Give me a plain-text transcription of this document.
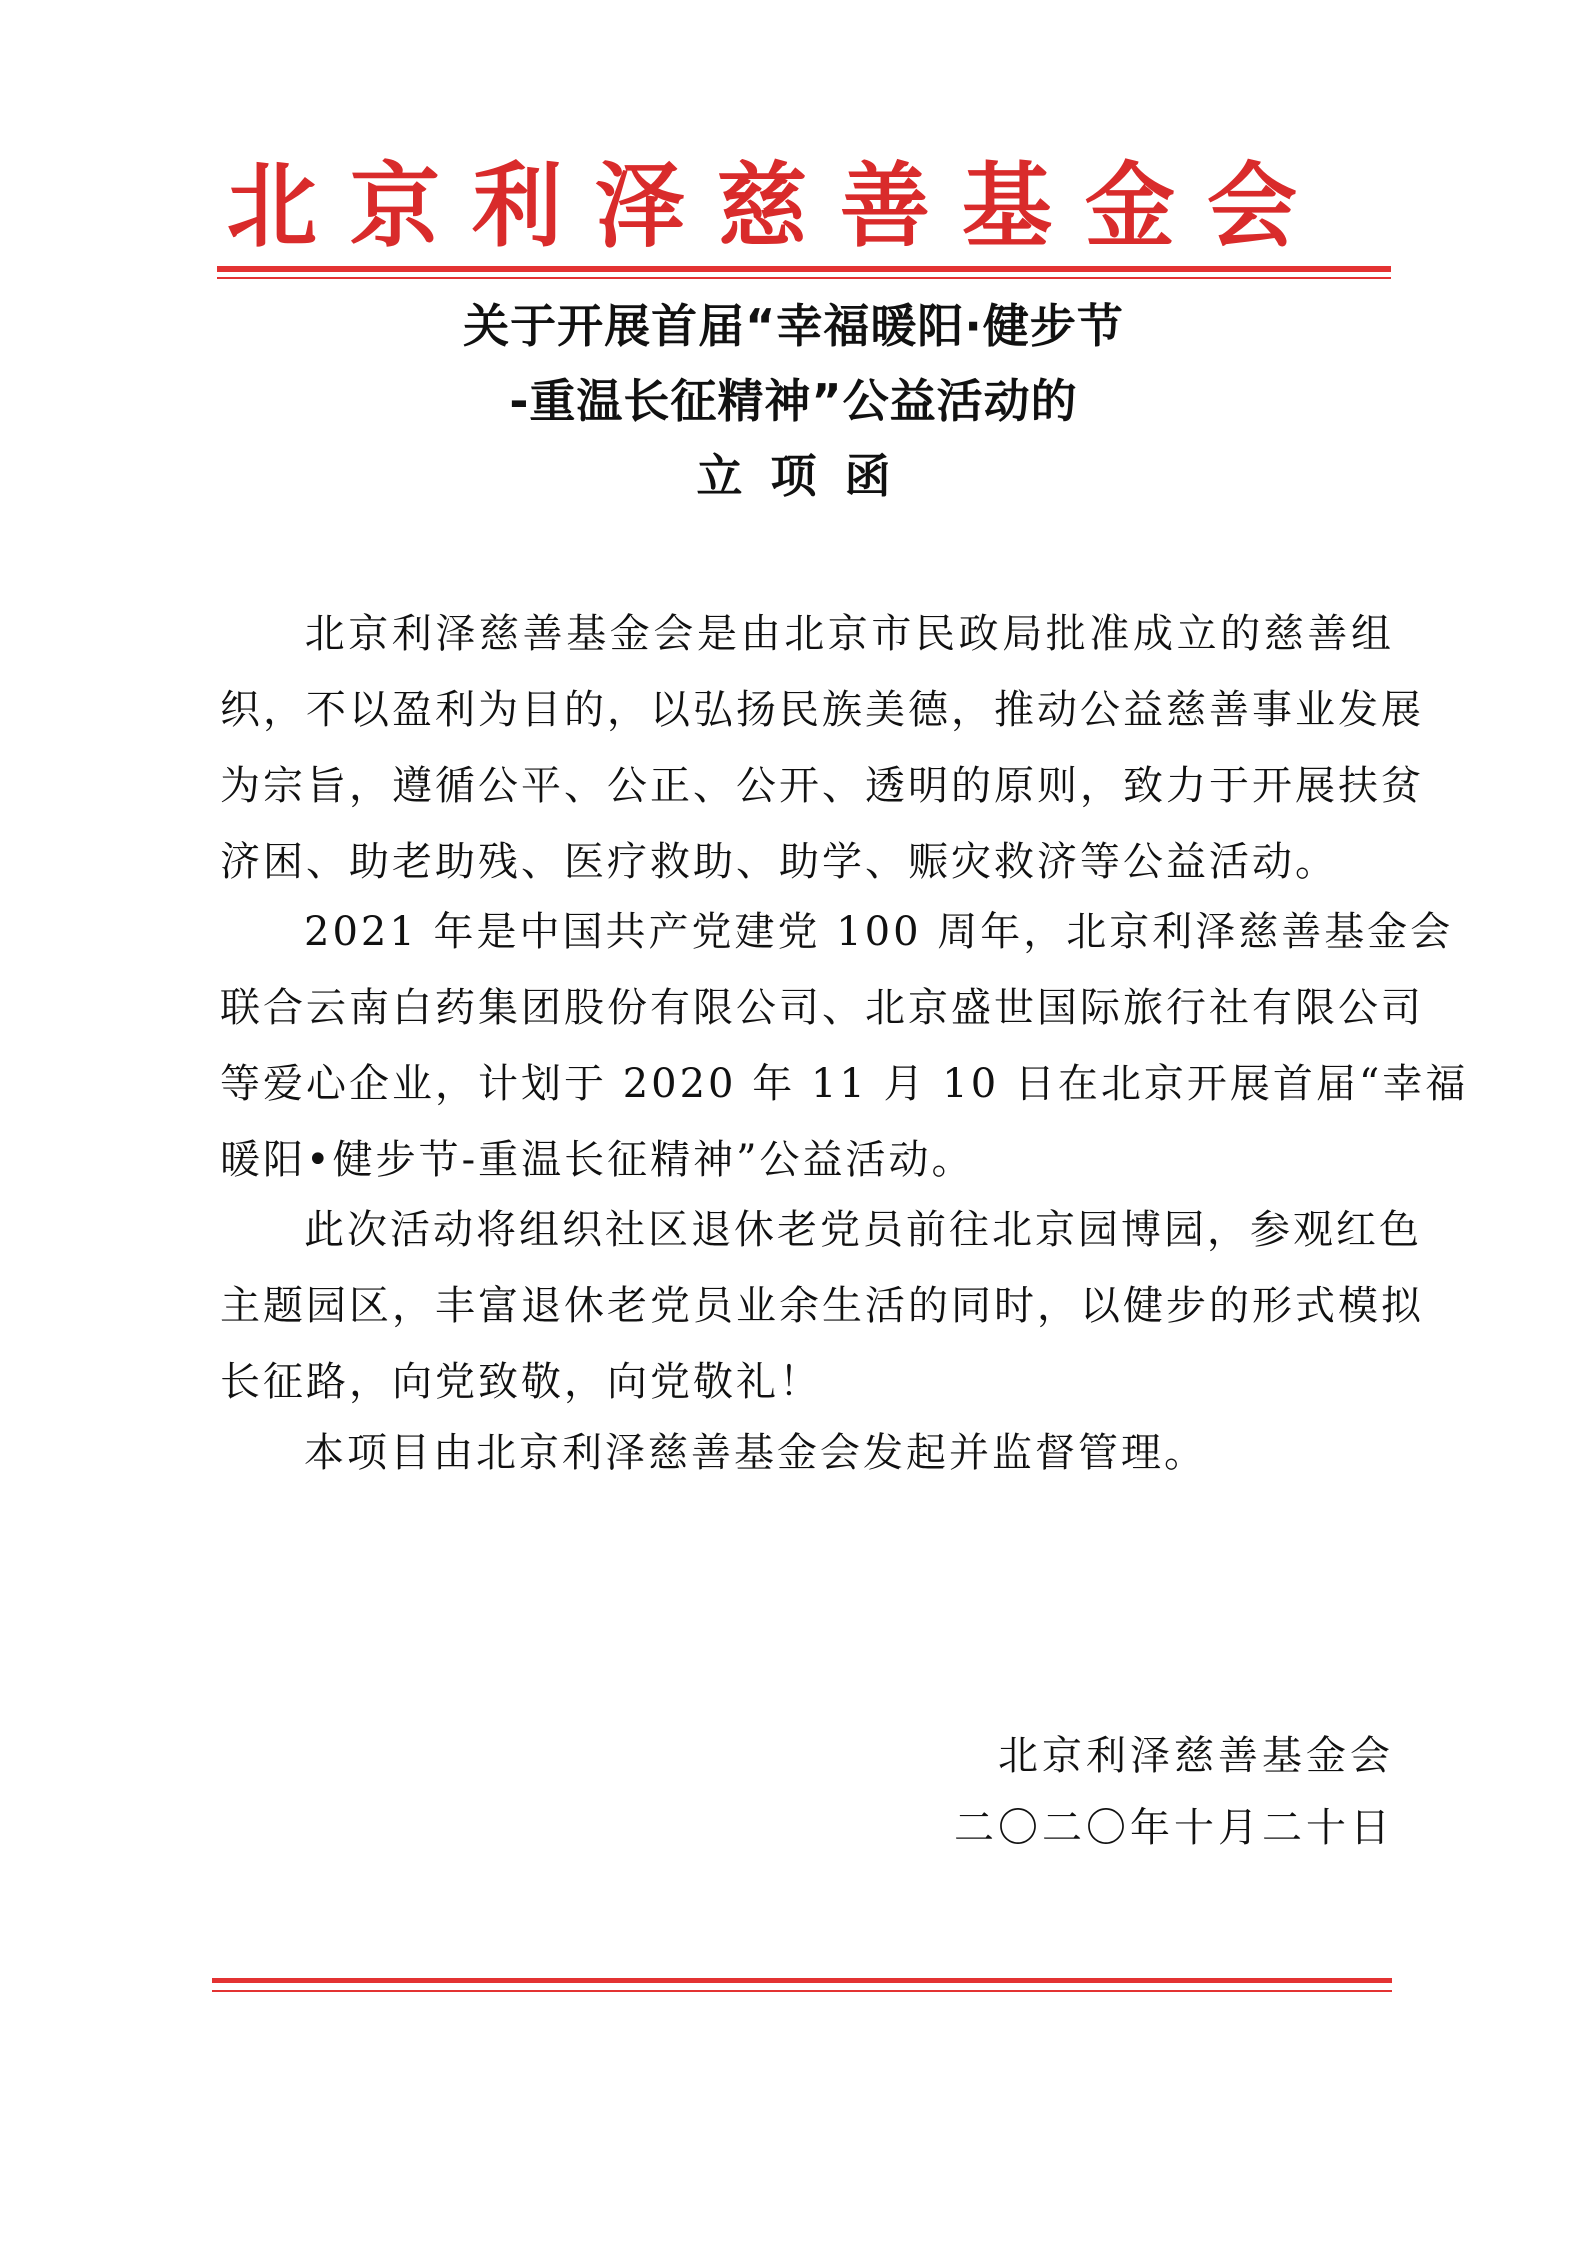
北 京 利 泽 慈 善 基 金 会
关于开展首届“幸福暖阳·健步节
-重温长征精神”公益活动的
立项函
北京利泽慈善基金会是由北京市民政局批准成立的慈善组
织，不以盈利为目的，以弘扬民族美德，推动公益慈善事业发展
为宗旨，遵循公平、公正、公开、透明的原则，致力于开展扶贫
济困、助老助残、医疗救助、助学、赈灾救济等公益活动。
2021 年是中国共产党建党 100 周年，北京利泽慈善基金会
联合云南白药集团股份有限公司、北京盛世国际旅行社有限公司
等爱心企业，计划于 2020 年 11 月 10 日在北京开展首届“幸福
暖阳•健步节-重温长征精神”公益活动。
此次活动将组织社区退休老党员前往北京园博园，参观红色
主题园区，丰富退休老党员业余生活的同时，以健步的形式模拟
长征路，向党致敬，向党敬礼！
本项目由北京利泽慈善基金会发起并监督管理。
北京利泽慈善基金会
二〇二〇年十月二十日
